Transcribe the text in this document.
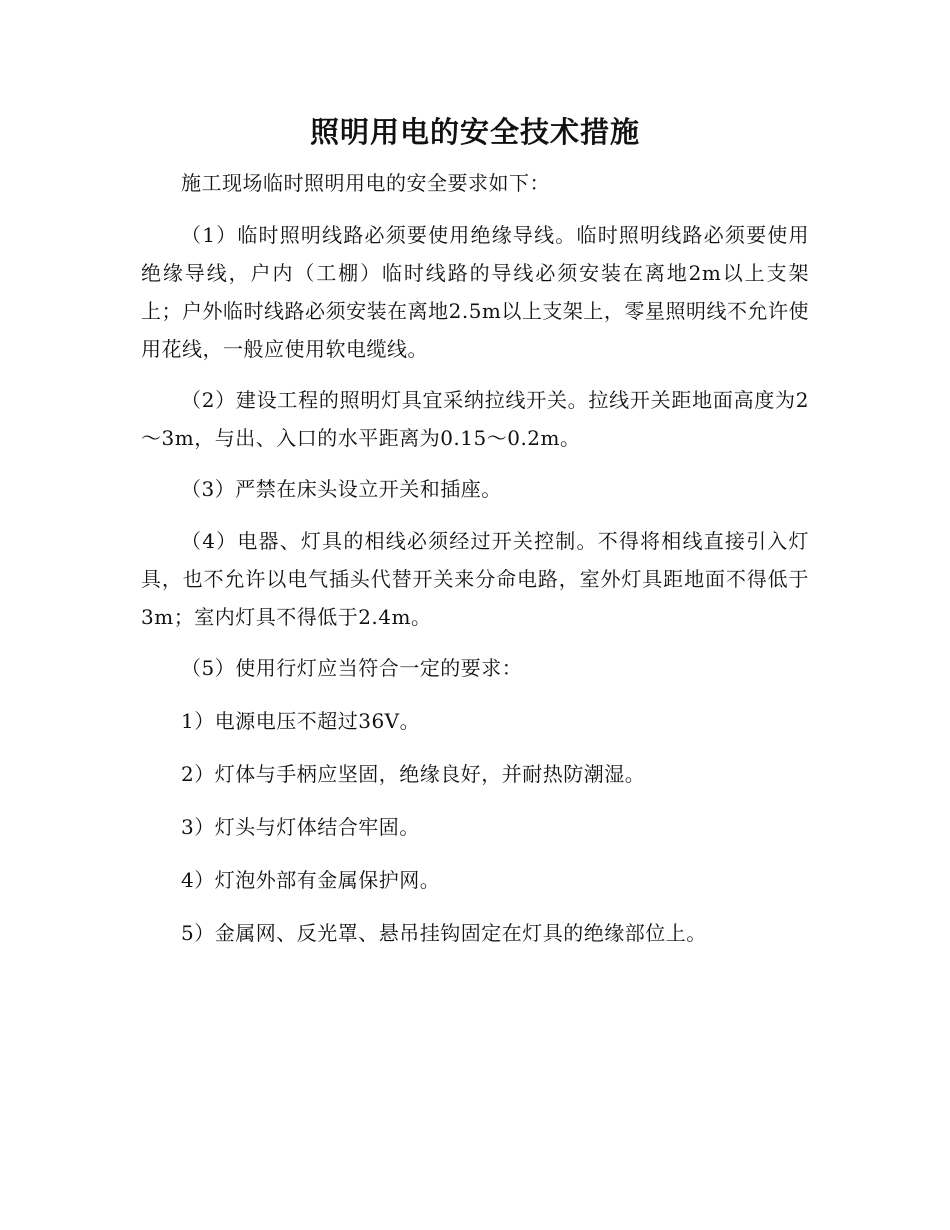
照明用电的安全技术措施

施工现场临时照明用电的安全要求如下：

（1）临时照明线路必须要使用绝缘导线。临时照明线路必须要使用绝缘导线，户内（工棚）临时线路的导线必须安装在离地2m以上支架上；户外临时线路必须安装在离地2.5m以上支架上，零星照明线不允许使用花线，一般应使用软电缆线。

（2）建设工程的照明灯具宜采纳拉线开关。拉线开关距地面高度为2～3m，与出、入口的水平距离为0.15～0.2m。

（3）严禁在床头设立开关和插座。

（4）电器、灯具的相线必须经过开关控制。不得将相线直接引入灯具，也不允许以电气插头代替开关来分命电路，室外灯具距地面不得低于3m；室内灯具不得低于2.4m。

（5）使用行灯应当符合一定的要求：

1）电源电压不超过36V。

2）灯体与手柄应坚固，绝缘良好，并耐热防潮湿。

3）灯头与灯体结合牢固。

4）灯泡外部有金属保护网。

5）金属网、反光罩、悬吊挂钩固定在灯具的绝缘部位上。
